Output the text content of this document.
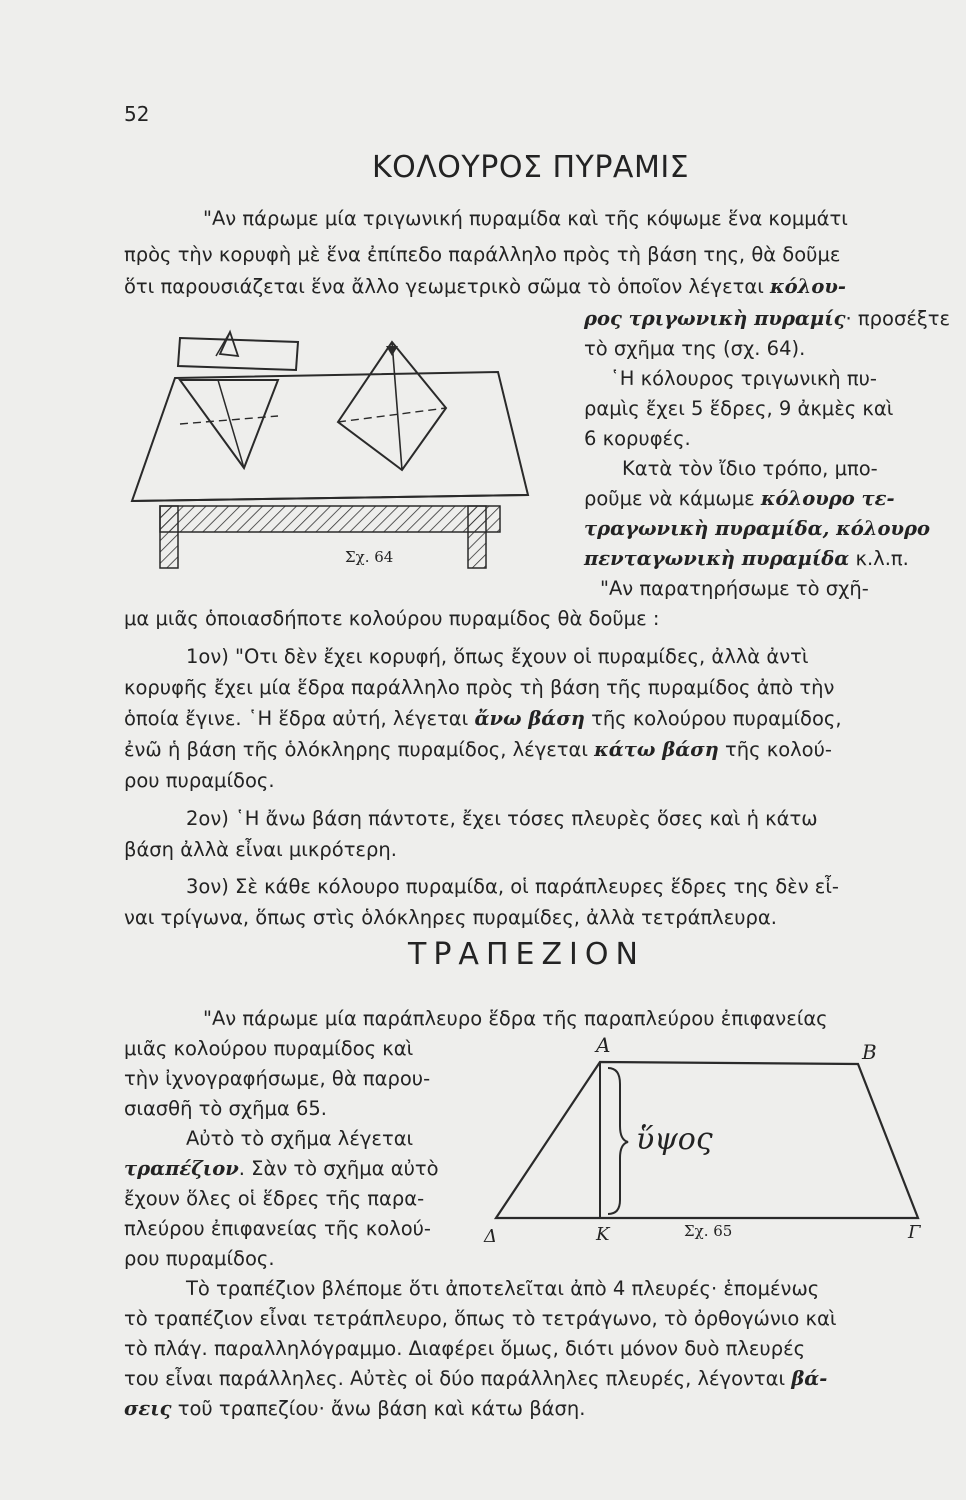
52
ΚΟΛΟΥΡΟΣ ΠΥΡΑΜΙΣ
"Αν πάρωμε μία τριγωνική πυραμίδα καὶ τῆς κόψωμε ἕνα κομμάτι
πρὸς τὴν κορυφὴ μὲ ἕνα ἐπίπεδο παράλληλο πρὸς τὴ βάση της, θὰ δοῦμε
ὅτι παρουσιάζεται ἕνα ἄλλο γεωμετρικὸ σῶμα τὸ ὁποῖον λέγεται κόλου-
ρος τριγωνικὴ πυραμίς· προσέξτε
τὸ σχῆμα της (σχ. 64).
῾Η κόλουρος τριγωνικὴ πυ-
ραμὶς ἔχει 5 ἕδρες, 9 ἀκμὲς καὶ
6 κορυφές.
Κατὰ τὸν ἴδιο τρόπο, μπο-
ροῦμε νὰ κάμωμε κόλουρο τε-
τραγωνικὴ πυραμίδα, κόλουρο
πενταγωνικὴ πυραμίδα κ.λ.π.
"Αν παρατηρήσωμε τὸ σχῆ-
μα μιᾶς ὁποιασδήποτε κολούρου πυραμίδος θὰ δοῦμε :
1ον) "Οτι δὲν ἔχει κορυφή, ὅπως ἔχουν οἱ πυραμίδες, ἀλλὰ ἀντὶ
κορυφῆς ἔχει μία ἕδρα παράλληλο πρὸς τὴ βάση τῆς πυραμίδος ἀπὸ τὴν
ὁποία ἔγινε. ῾Η ἕδρα αὐτή, λέγεται ἄνω βάση τῆς κολούρου πυραμίδος,
ἐνῶ ἡ βάση τῆς ὁλόκληρης πυραμίδος, λέγεται κάτω βάση τῆς κολού-
ρου πυραμίδος.
2ον) ῾Η ἄνω βάση πάντοτε, ἔχει τόσες πλευρὲς ὅσες καὶ ἡ κάτω
βάση ἀλλὰ εἶναι μικρότερη.
3ον) Σὲ κάθε κόλουρο πυραμίδα, οἱ παράπλευρες ἕδρες της δὲν εἶ-
ναι τρίγωνα, ὅπως στὶς ὁλόκληρες πυραμίδες, ἀλλὰ τετράπλευρα.
Σχ. 64
ΤΡΑΠΕΖΙΟΝ
"Αν πάρωμε μία παράπλευρο ἕδρα τῆς παραπλεύρου ἐπιφανείας
μιᾶς κολούρου πυραμίδος καὶ
τὴν ἰχνογραφήσωμε, θὰ παρου-
σιασθῆ τὸ σχῆμα 65.
Αὐτὸ τὸ σχῆμα λέγεται
τραπέζιον. Σὰν τὸ σχῆμα αὐτὸ
ἔχουν ὅλες οἱ ἕδρες τῆς παρα-
πλεύρου ἐπιφανείας τῆς κολού-
ρου πυραμίδος.
Τὸ τραπέζιον βλέπομε ὅτι ἀποτελεῖται ἀπὸ 4 πλευρές· ἑπομένως
τὸ τραπέζιον εἶναι τετράπλευρο, ὅπως τὸ τετράγωνο, τὸ ὀρθογώνιο καὶ
τὸ πλάγ. παραλληλόγραμμο. Διαφέρει ὅμως, διότι μόνον δυὸ πλευρές
του εἶναι παράλληλες. Αὐτὲς οἱ δύο παράλληλες πλευρές, λέγονται βά-
σεις τοῦ τραπεζίου· ἄνω βάση καὶ κάτω βάση.
Α	Β
Δ	Κ	Γ
ὕψος
Σχ. 65
